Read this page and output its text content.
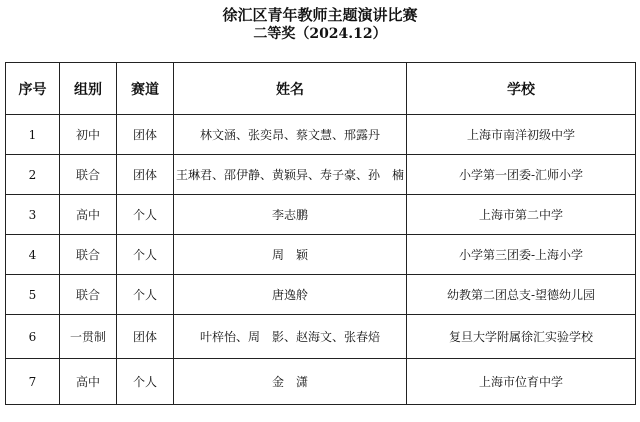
徐汇区青年教师主题演讲比赛
二等奖（2024.12）
序号	组别	赛道	姓名	学校
1	初中	团体	林文涵、张奕昂、蔡文慧、邢露丹	上海市南洋初级中学
2	联合	团体	王琳君、邵伊静、黄颖异、寿子豪、孙　楠	小学第一团委-汇师小学
3	高中	个人	李志鹏	上海市第二中学
4	联合	个人	周　颖	小学第三团委-上海小学
5	联合	个人	唐逸舲	幼教第二团总支-望德幼儿园
6	一贯制	团体	叶梓怡、周　影、赵海文、张春焙	复旦大学附属徐汇实验学校
7	高中	个人	金　潇	上海市位育中学
